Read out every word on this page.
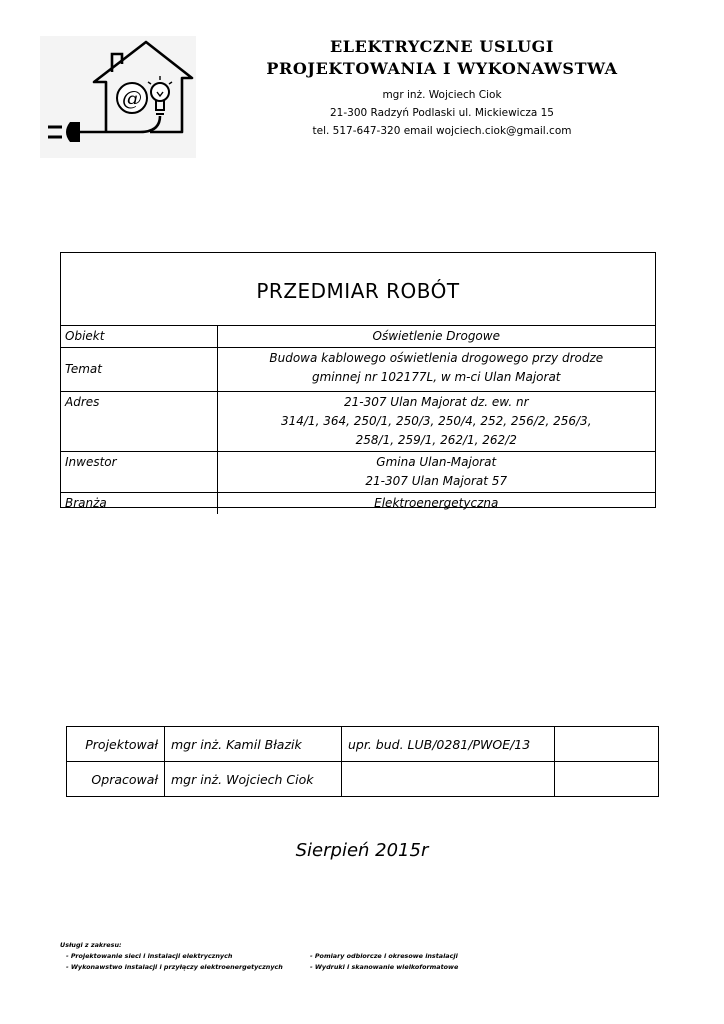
@
ELEKTRYCZNE USLUGI
PROJEKTOWANIA I WYKONAWSTWA
mgr inż. Wojciech Ciok
21-300 Radzyń Podlaski ul. Mickiewicza 15
tel. 517-647-320 email wojciech.ciok@gmail.com
PRZEDMIAR ROBÓT
Obiekt	Oświetlenie Drogowe

Temat	Budowa kablowego oświetlenia drogowego przy drodze
gminnej nr 102177L, w m-ci Ulan Majorat

Adres	21-307 Ulan Majorat dz. ew. nr
314/1, 364, 250/1, 250/3, 250/4, 252, 256/2, 256/3,
258/1, 259/1, 262/1, 262/2

Inwestor	Gmina Ulan-Majorat
21-307 Ulan Majorat 57

Branża	Elektroenergetyczna
Projektował	mgr inż. Kamil Błazik	upr. bud. LUB/0281/PWOE/13	
Opracował	mgr inż. Wojciech Ciok		
Sierpień 2015r
Usługi z zakresu:
- Projektowanie sieci i instalacji elektrycznych	- Pomiary odbiorcze i okresowe instalacji
- Wykonawstwo instalacji i przyłączy elektroenergetycznych	- Wydruki i skanowanie wielkoformatowe
